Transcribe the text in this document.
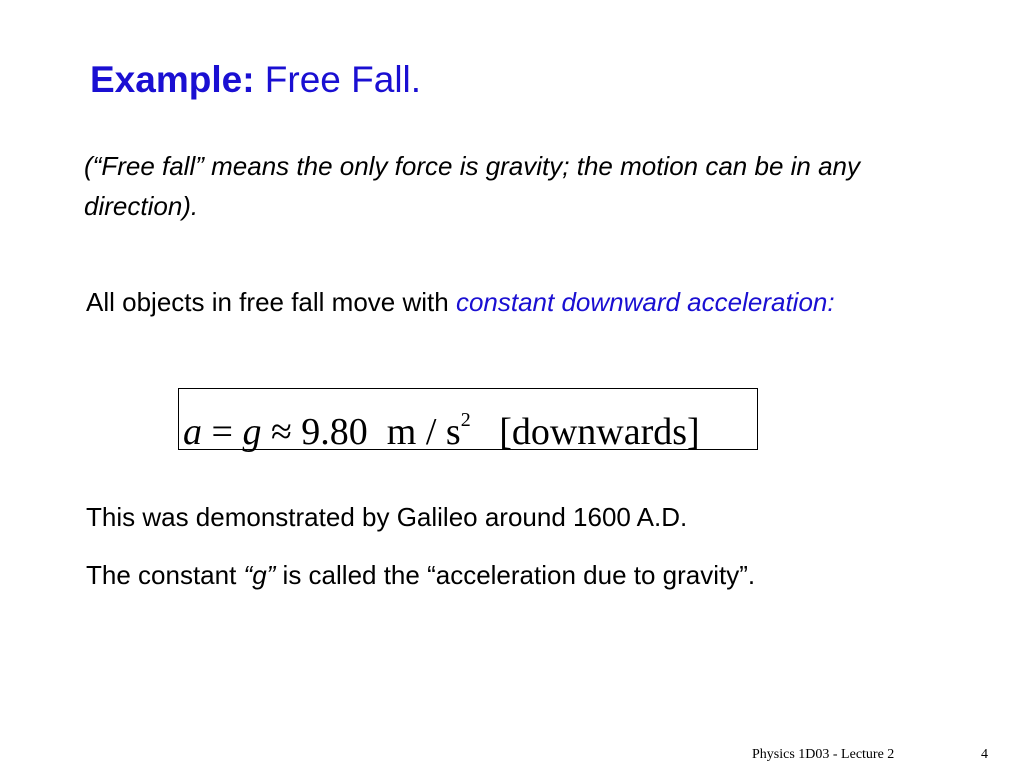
Example: Free Fall.
(“Free fall” means the only force is gravity; the motion can be in any direction).
All objects in free fall move with constant downward acceleration:
a = g ≈ 9.80  m / $s^2$   [downwards]
This was demonstrated by Galileo around 1600 A.D.
The constant “g” is called the “acceleration due to gravity”.
Physics 1D03 - Lecture 2	4
